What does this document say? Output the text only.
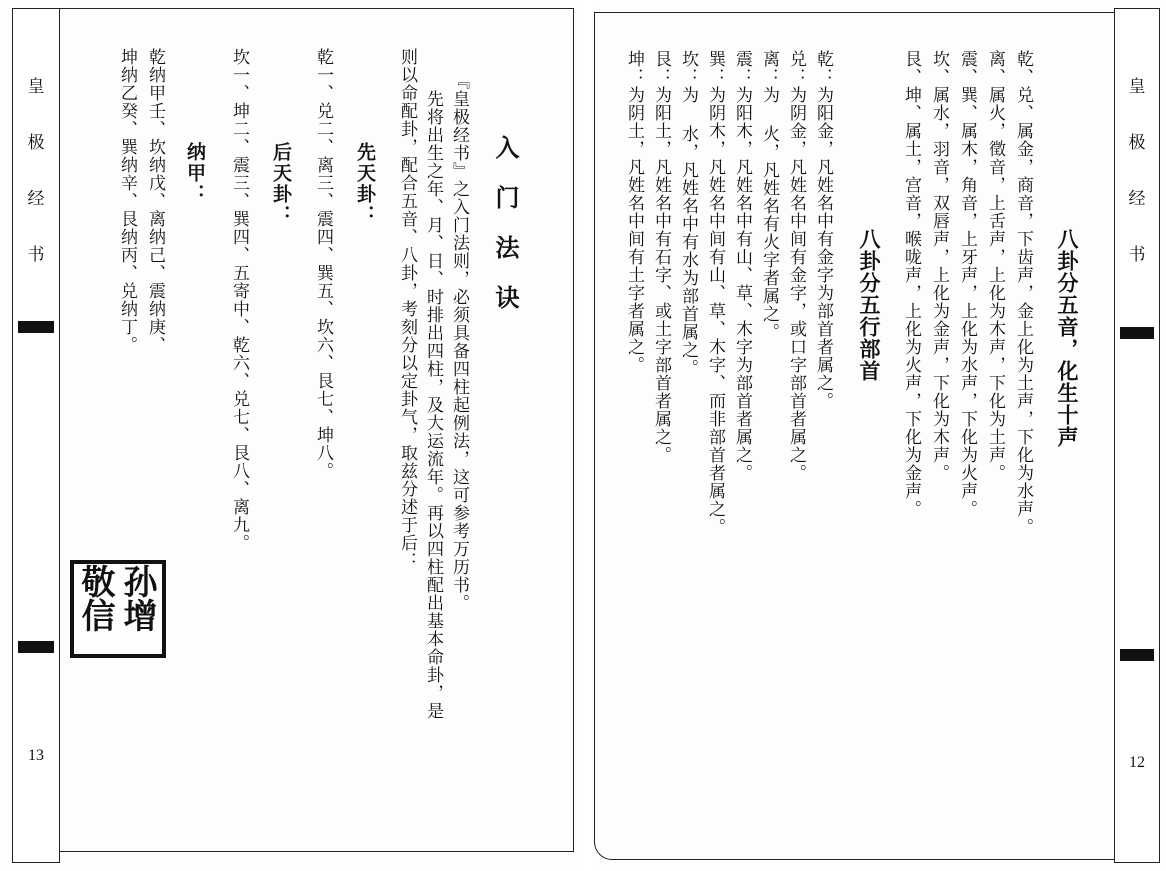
皇
极
经
书
13
入门法诀
『皇极经书』之入门法则，必须具备四柱起例法，这可参考万历书。
先将出生之年、月、日、时排出四柱，及大运流年。再以四柱配出基本命卦，是
则以命配卦，配合五音、八卦，考刻分以定卦气，取兹分述于后：
先天卦：
乾一、兑二、离三、震四、巽五、坎六、艮七、坤八。
后天卦：
坎一、坤二、震三、巽四、五寄中、乾六、兑七、艮八、离九。
纳甲：
乾纳甲壬、坎纳戊、离纳己、震纳庚、
坤纳乙癸、巽纳辛、艮纳丙、兑纳丁。
敬信
孙增
皇
极
经
书
12
八卦分五音，化生十声
乾、兑、属金，商音，下齿声，金上化为土声，下化为水声。
离、属火，徵音，上舌声，上化为木声，下化为土声。
震、巽、属木，角音，上牙声，上化为水声，下化为火声。
坎、属水，羽音，双唇声，上化为金声，下化为木声。
艮、坤、属土，宫音，喉咙声，上化为火声，下化为金声。
八卦分五行部首
乾：为阳金，凡姓名中有金字为部首者属之。
兑：为阴金，凡姓名中间有金字，或口字部首者属之。
离：为 火，凡姓名有火字者属之。
震：为阳木，凡姓名中有山、草、木字为部首者属之。
巽：为阴木，凡姓名中间有山、草、木字、而非部首者属之。
坎：为 水，凡姓名中有水为部首属之。
艮：为阳土，凡姓名中有石字、或土字部首者属之。
坤：为阴土，凡姓名中间有土字者属之。
